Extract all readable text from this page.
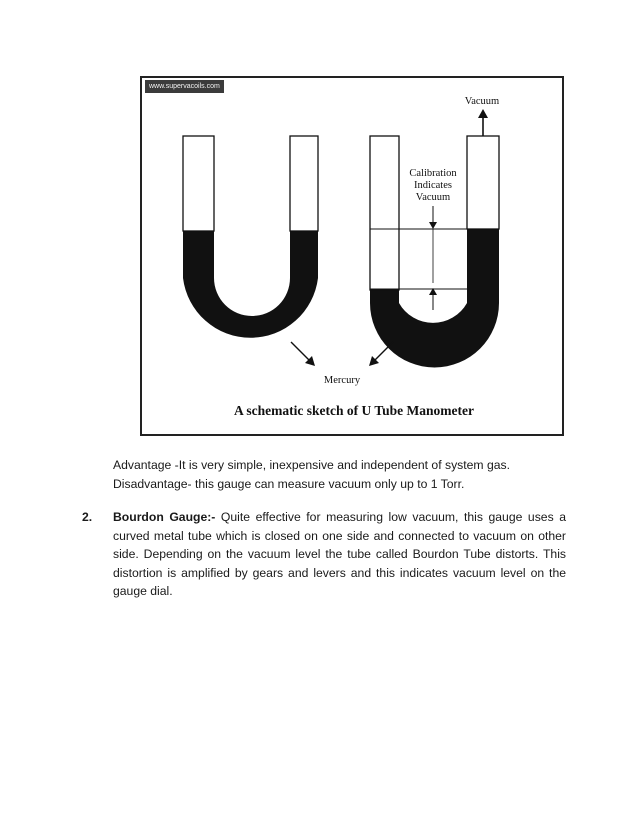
Vacuum
Calibration
Indicates
Vacuum
Mercury
A schematic sketch of U Tube Manometer
www.supervacoils.com
Advantage -It is very simple, inexpensive and independent of system gas.
Disadvantage- this gauge can measure vacuum only up to 1 Torr.
2. Bourdon Gauge:- Quite effective for measuring low vacuum, this gauge uses a curved metal tube which is closed on one side and connected to vacuum on other side. Depending on the vacuum level the tube called Bourdon Tube distorts. This distortion is amplified by gears and levers and this indicates vacuum level on the gauge dial.
